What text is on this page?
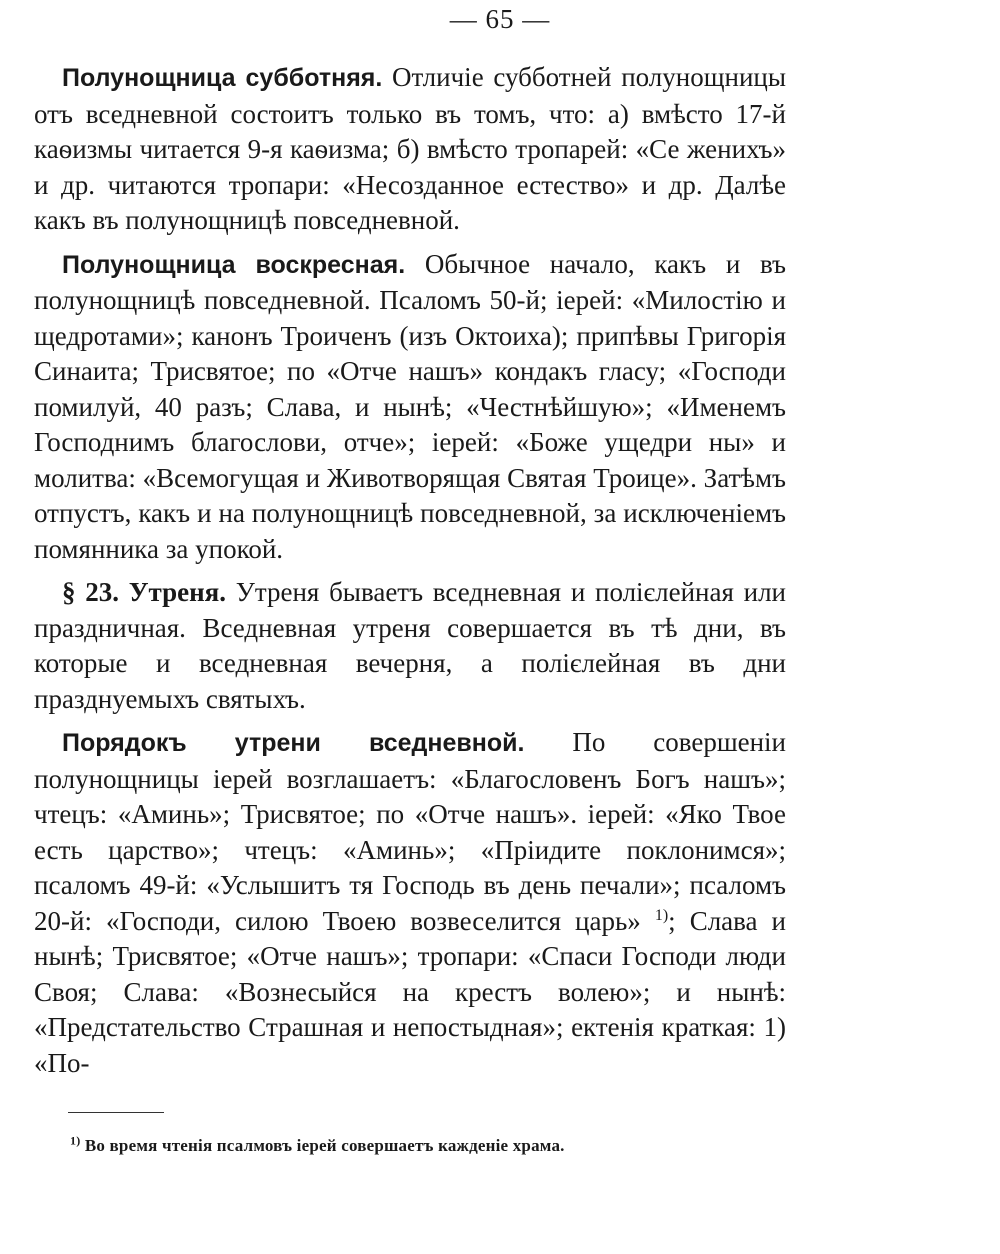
— 65 —

Полунощница субботняя. Отличіе субботней полунощницы отъ вседневной состоитъ только въ томъ, что: а) вмѣсто 17-й каѳизмы читается 9-я каѳизма; б) вмѣсто тропарей: «Се женихъ» и др. читаются тропари: «Несозданное естество» и др. Далѣе какъ въ полунощницѣ повседневной.

Полунощница воскресная. Обычное начало, какъ и въ полунощницѣ повседневной. Псаломъ 50-й; іерей: «Милостію и щедротами»; канонъ Троиченъ (изъ Октоиха); припѣвы Григорія Синаита; Трисвятое; по «Отче нашъ» кондакъ гласу; «Господи помилуй, 40 разъ; Слава, и нынѣ; «Честнѣйшую»; «Именемъ Господнимъ благослови, отче»; іерей: «Боже ущедри ны» и молитва: «Всемогущая и Животворящая Святая Троице». Затѣмъ отпустъ, какъ и на полунощницѣ повседневной, за исключеніемъ помянника за упокой.

§ 23. Утреня. Утреня бываетъ вседневная и полієлейная или праздничная. Вседневная утреня совершается въ тѣ дни, въ которые и вседневная вечерня, а полієлейная въ дни празднуемыхъ святыхъ.

Порядокъ утрени вседневной. По совершеніи полунощницы іерей возглашаетъ: «Благословенъ Богъ нашъ»; чтецъ: «Аминь»; Трисвятое; по «Отче нашъ». іерей: «Яко Твое есть царство»; чтецъ: «Аминь»; «Пріидите поклонимся»; псаломъ 49-й: «Услышитъ тя Господь въ день печали»; псаломъ 20-й: «Господи, силою Твоею возвеселится царь» $^{1)}$; Слава и нынѣ; Трисвятое; «Отче нашъ»; тропари: «Спаси Господи люди Своя; Слава: «Вознесыйся на крестъ волею»; и нынѣ: «Предстательство Страшная и непостыдная»; ектенія краткая: 1) «По-

$^{1)}$ Во время чтенія псалмовъ іерей совершаетъ кажденіе храма.
